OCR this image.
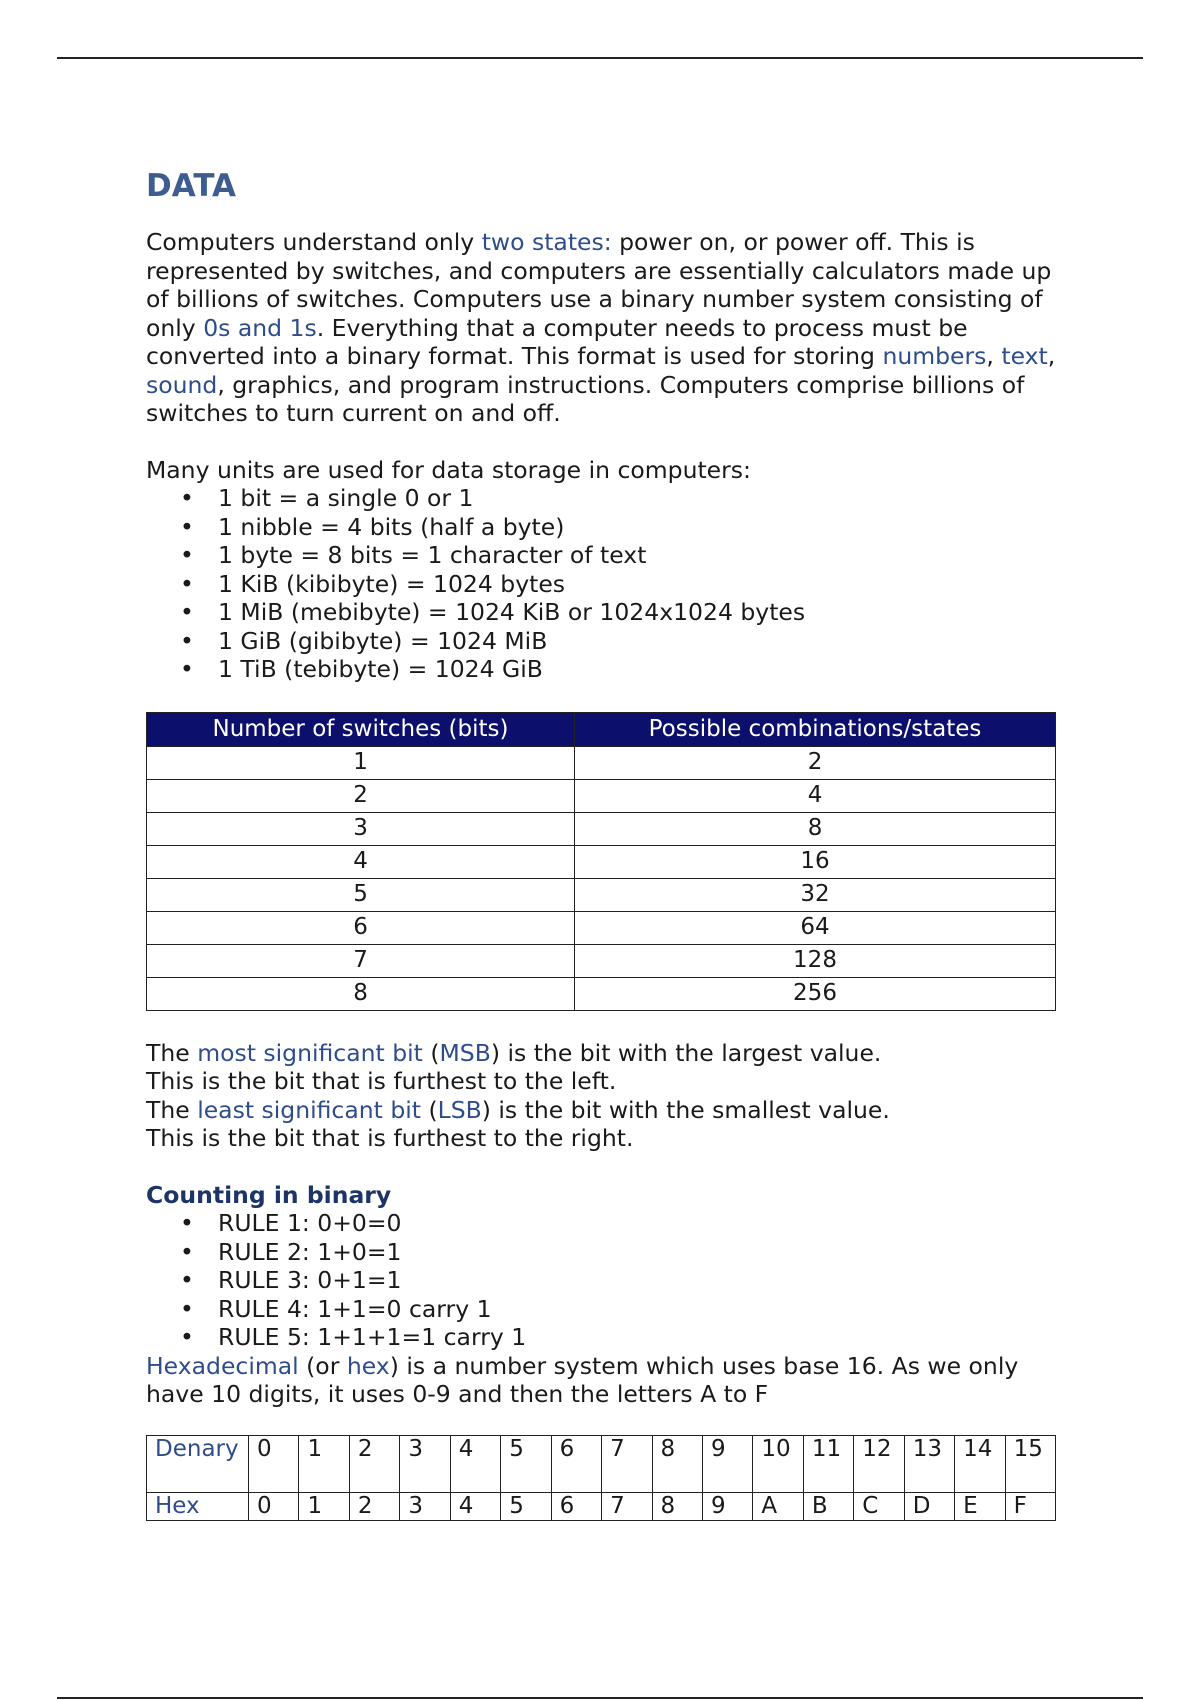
DATA

Computers understand only two states: power on, or power off. This is represented by switches, and computers are essentially calculators made up of billions of switches. Computers use a binary number system consisting of only 0s and 1s. Everything that a computer needs to process must be converted into a binary format. This format is used for storing numbers, text, sound, graphics, and program instructions. Computers comprise billions of switches to turn current on and off.

Many units are used for data storage in computers:

• 1 bit = a single 0 or 1
• 1 nibble = 4 bits (half a byte)
• 1 byte = 8 bits = 1 character of text
• 1 KiB (kibibyte) = 1024 bytes
• 1 MiB (mebibyte) = 1024 KiB or 1024x1024 bytes
• 1 GiB (gibibyte) = 1024 MiB
• 1 TiB (tebibyte) = 1024 GiB
Number of switches (bits)	Possible combinations/states
1	2
2	4
3	8
4	16
5	32
6	64
7	128
8	256

The most significant bit (MSB) is the bit with the largest value.

This is the bit that is furthest to the left.

The least significant bit (LSB) is the bit with the smallest value.

This is the bit that is furthest to the right.

Counting in binary

• RULE 1: 0+0=0
• RULE 2: 1+0=1
• RULE 3: 0+1=1
• RULE 4: 1+1=0 carry 1
• RULE 5: 1+1+1=1 carry 1

Hexadecimal (or hex) is a number system which uses base 16. As we only have 10 digits, it uses 0-9 and then the letters A to F

Denary	0	1	2	3	4	5	6	7	8	9	10	11	12	13	14	15
Hex	0	1	2	3	4	5	6	7	8	9	A	B	C	D	E	F
